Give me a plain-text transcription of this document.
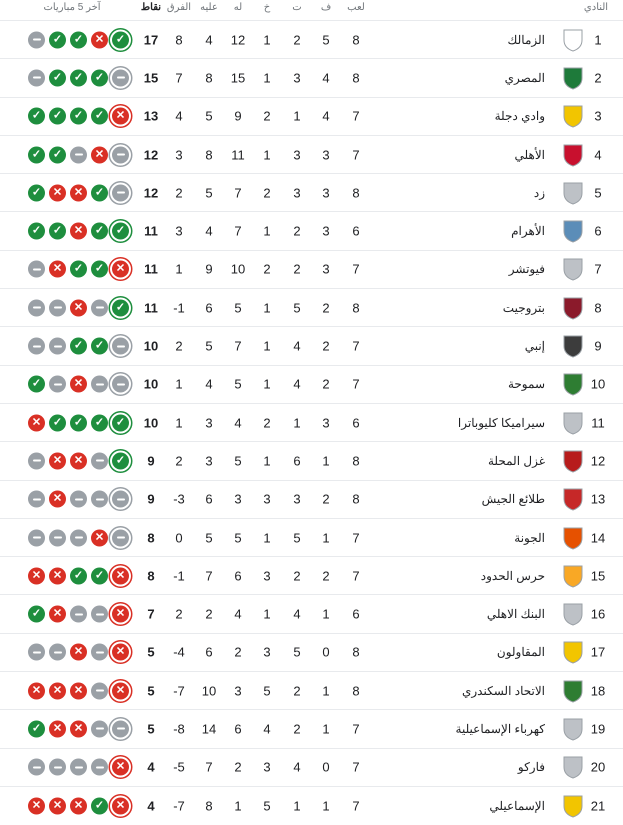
النادي
لعب
ف
ت
خ
له
عليه
الفرق
نقاط
آخر 5 مباريات
1
الزمالك
8
5
2
1
12
4
8
17
✓
✕
✓
✓
2
المصري
8
4
3
1
15
8
7
15
✓
✓
✓
3
وادي دجلة
7
4
1
2
9
5
4
13
✕
✓
✓
✓
✓
4
الأهلي
7
3
3
1
11
8
3
12
✕
✓
✓
5
زد
8
3
3
2
7
5
2
12
✓
✕
✕
✓
6
الأهرام
6
3
2
1
7
4
3
11
✓
✓
✕
✓
✓
7
فيوتشر
7
3
2
2
10
9
1
11
✕
✓
✓
✕
8
بتروجيت
8
2
5
1
5
6
-1
11
✓
✕
9
إنبي
7
2
4
1
7
5
2
10
✓
✓
10
سموحة
7
2
4
1
5
4
1
10
✕
✓
11
سيراميكا كليوباترا
6
3
1
2
4
3
1
10
✓
✓
✓
✓
✕
12
غزل المحلة
8
1
6
1
5
3
2
9
✓
✕
✕
13
طلائع الجيش
8
2
3
3
3
6
-3
9
✕
14
الجونة
7
1
5
1
5
5
0
8
✕
15
حرس الحدود
7
2
2
3
6
7
-1
8
✕
✓
✓
✕
✕
16
البنك الاهلي
6
1
4
1
4
2
2
7
✕
✕
✓
17
المقاولون
8
0
5
3
2
6
-4
5
✕
✕
18
الاتحاد السكندري
8
1
2
5
3
10
-7
5
✕
✕
✕
✕
19
كهرباء الإسماعيلية
7
1
2
4
6
14
-8
5
✕
✕
✓
20
فاركو
7
0
4
3
2
7
-5
4
✕
21
الإسماعيلي
7
1
1
5
1
8
-7
4
✕
✓
✕
✕
✕
